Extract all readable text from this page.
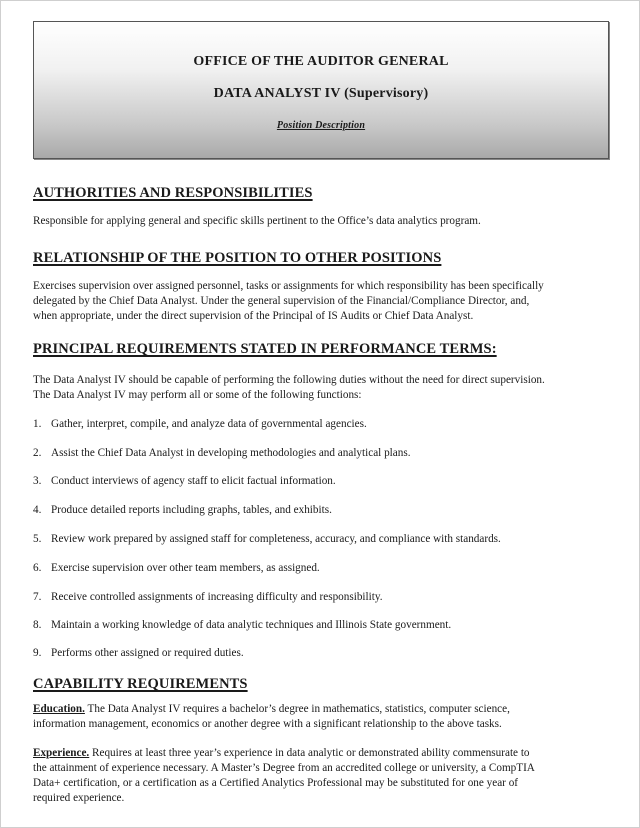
OFFICE OF THE AUDITOR GENERAL
DATA ANALYST IV (Supervisory)
Position Description
AUTHORITIES AND RESPONSIBILITIES
Responsible for applying general and specific skills pertinent to the Office’s data analytics program.
RELATIONSHIP OF THE POSITION TO OTHER POSITIONS
Exercises supervision over assigned personnel, tasks or assignments for which responsibility has been specifically
delegated by the Chief Data Analyst. Under the general supervision of the Financial/Compliance Director, and,
when appropriate, under the direct supervision of the Principal of IS Audits or Chief Data Analyst.
PRINCIPAL REQUIREMENTS STATED IN PERFORMANCE TERMS:
The Data Analyst IV should be capable of performing the following duties without the need for direct supervision.
The Data Analyst IV may perform all or some of the following functions:
1. Gather, interpret, compile, and analyze data of governmental agencies.
2. Assist the Chief Data Analyst in developing methodologies and analytical plans.
3. Conduct interviews of agency staff to elicit factual information.
4. Produce detailed reports including graphs, tables, and exhibits.
5. Review work prepared by assigned staff for completeness, accuracy, and compliance with standards.
6. Exercise supervision over other team members, as assigned.
7. Receive controlled assignments of increasing difficulty and responsibility.
8. Maintain a working knowledge of data analytic techniques and Illinois State government.
9. Performs other assigned or required duties.
CAPABILITY REQUIREMENTS
Education. The Data Analyst IV requires a bachelor’s degree in mathematics, statistics, computer science,
information management, economics or another degree with a significant relationship to the above tasks.
Experience. Requires at least three year’s experience in data analytic or demonstrated ability commensurate to
the attainment of experience necessary. A Master’s Degree from an accredited college or university, a CompTIA
Data+ certification, or a certification as a Certified Analytics Professional may be substituted for one year of
required experience.
